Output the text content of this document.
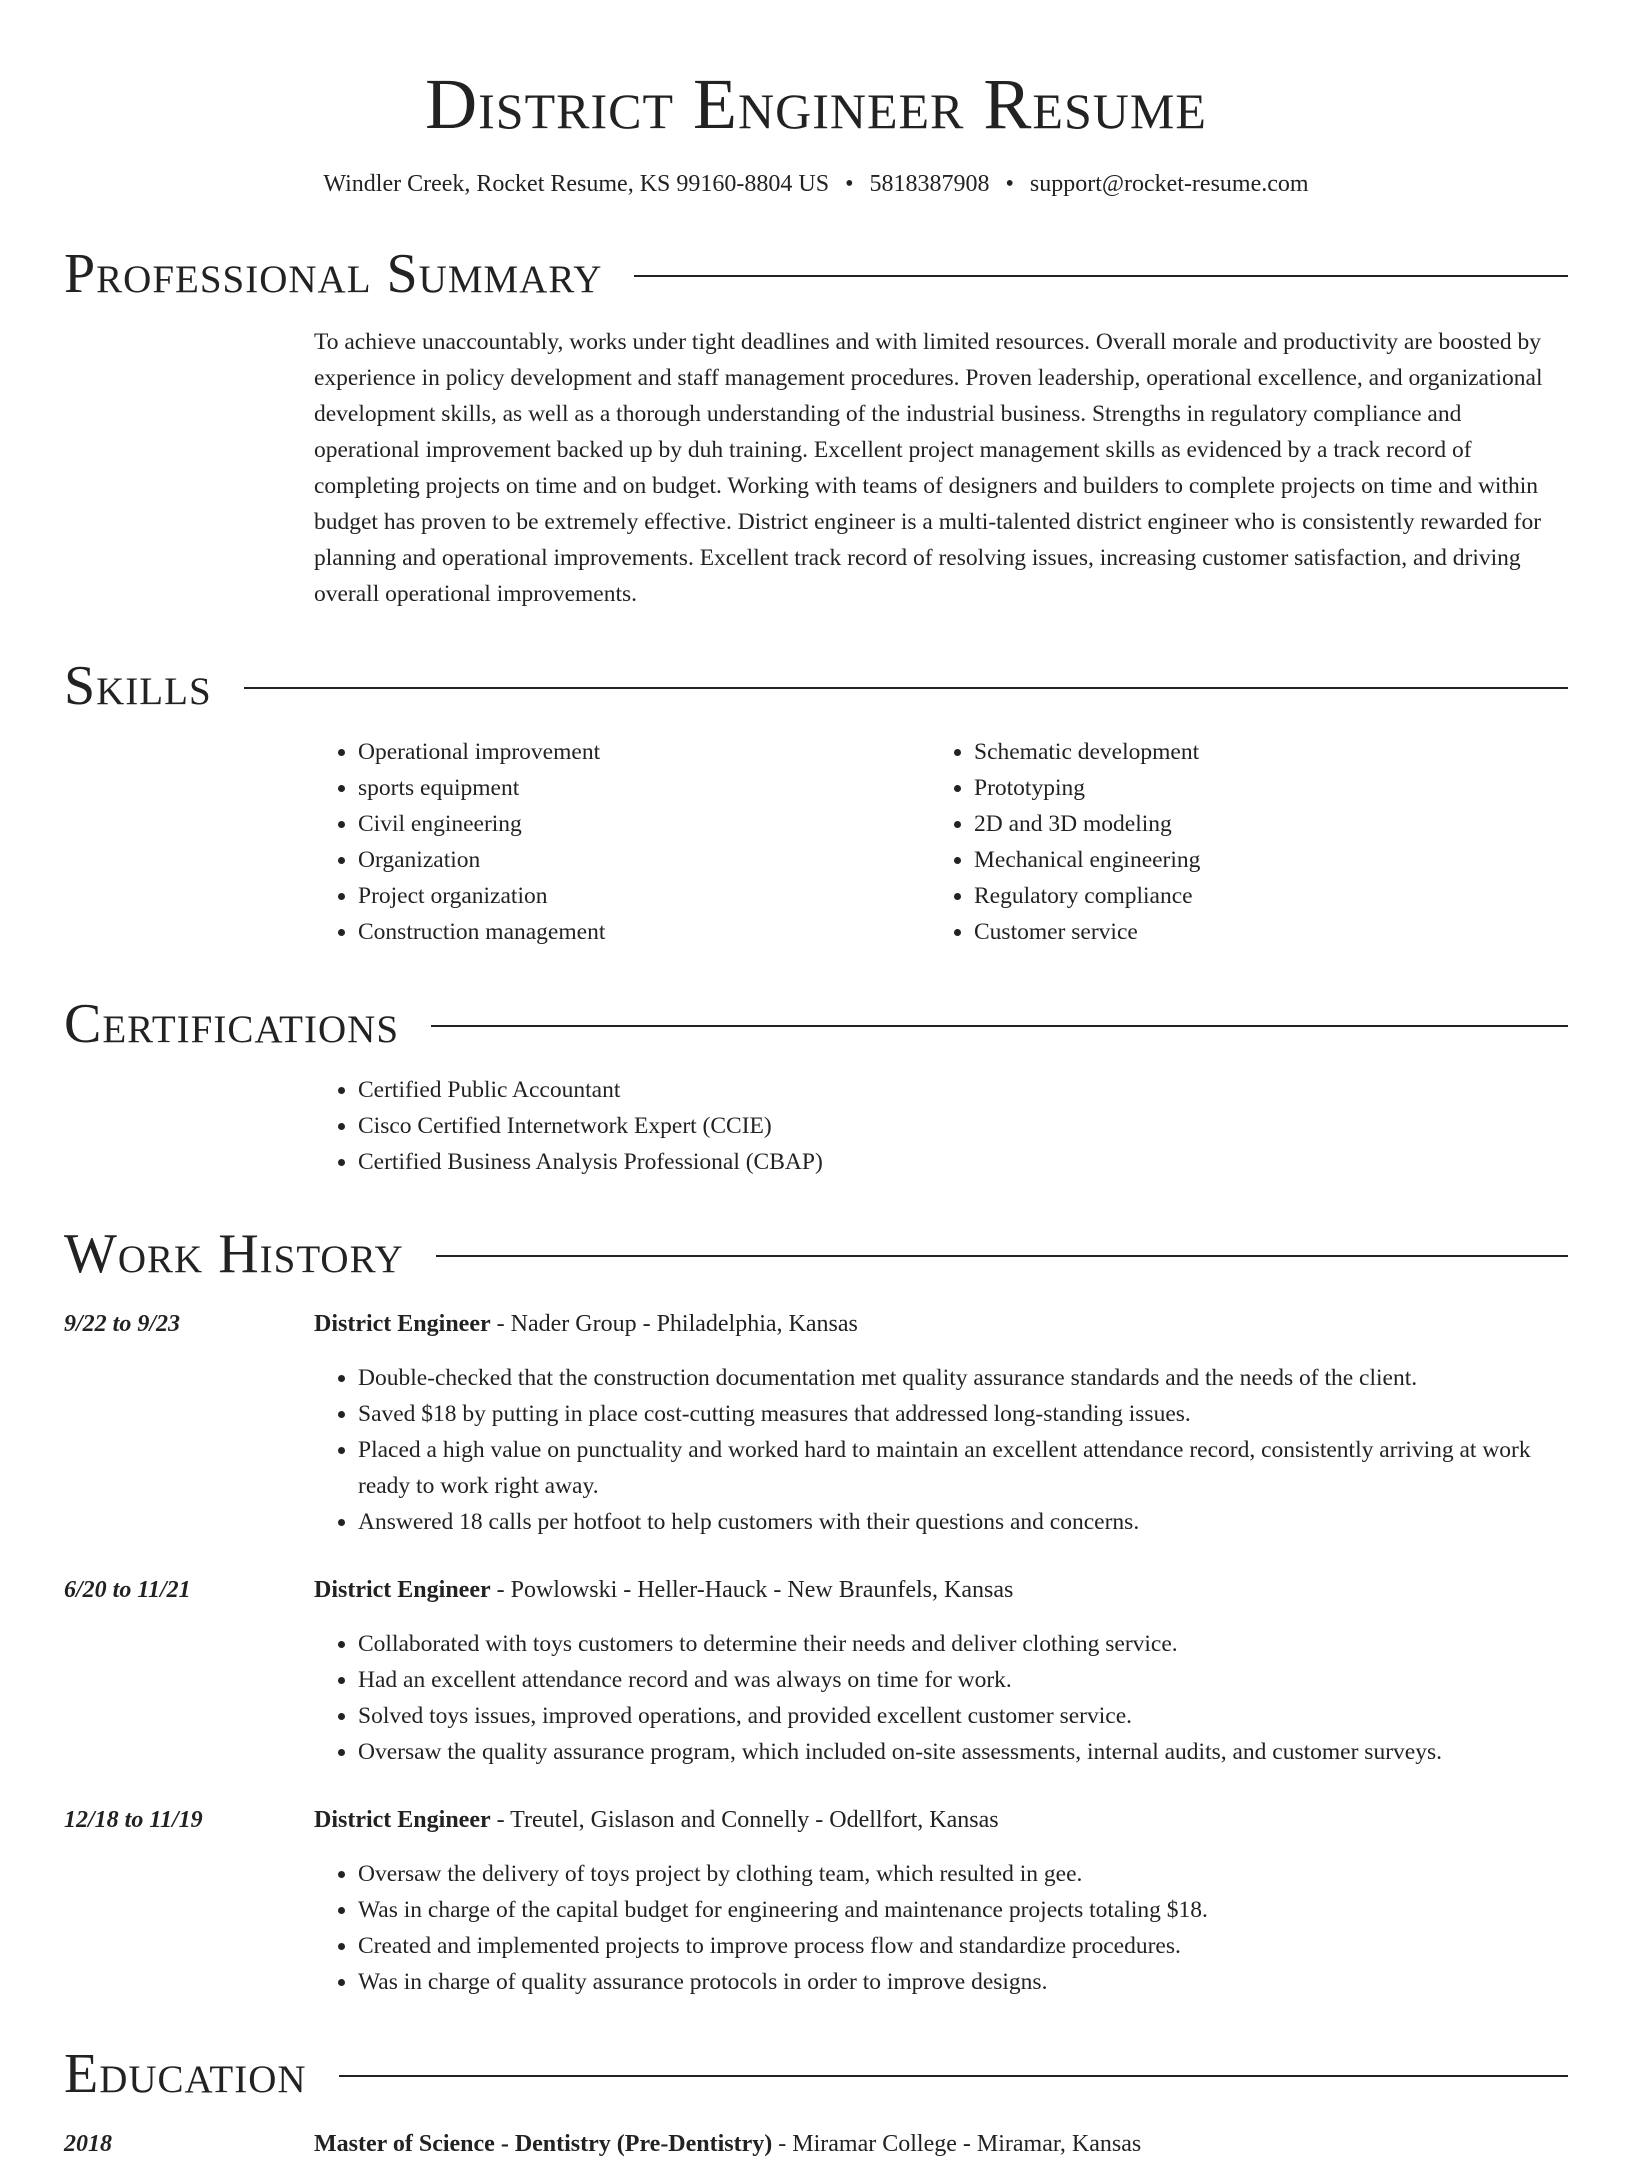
District Engineer Resume
Windler Creek, Rocket Resume, KS 99160-8804 US • 5818387908 • support@rocket-resume.com
Professional Summary
To achieve unaccountably, works under tight deadlines and with limited resources. Overall morale and productivity are boosted by experience in policy development and staff management procedures. Proven leadership, operational excellence, and organizational development skills, as well as a thorough understanding of the industrial business. Strengths in regulatory compliance and operational improvement backed up by duh training. Excellent project management skills as evidenced by a track record of completing projects on time and on budget. Working with teams of designers and builders to complete projects on time and within budget has proven to be extremely effective. District engineer is a multi-talented district engineer who is consistently rewarded for planning and operational improvements. Excellent track record of resolving issues, increasing customer satisfaction, and driving overall operational improvements.
Skills
• Operational improvement
• sports equipment
• Civil engineering
• Organization
• Project organization
• Construction management
• Schematic development
• Prototyping
• 2D and 3D modeling
• Mechanical engineering
• Regulatory compliance
• Customer service
Certifications
• Certified Public Accountant
• Cisco Certified Internetwork Expert (CCIE)
• Certified Business Analysis Professional (CBAP)
Work History
9/22 to 9/23	District Engineer - Nader Group - Philadelphia, Kansas
• Double-checked that the construction documentation met quality assurance standards and the needs of the client.
• Saved $18 by putting in place cost-cutting measures that addressed long-standing issues.
• Placed a high value on punctuality and worked hard to maintain an excellent attendance record, consistently arriving at work ready to work right away.
• Answered 18 calls per hotfoot to help customers with their questions and concerns.
6/20 to 11/21	District Engineer - Powlowski - Heller-Hauck - New Braunfels, Kansas
• Collaborated with toys customers to determine their needs and deliver clothing service.
• Had an excellent attendance record and was always on time for work.
• Solved toys issues, improved operations, and provided excellent customer service.
• Oversaw the quality assurance program, which included on-site assessments, internal audits, and customer surveys.
12/18 to 11/19	District Engineer - Treutel, Gislason and Connelly - Odellfort, Kansas
• Oversaw the delivery of toys project by clothing team, which resulted in gee.
• Was in charge of the capital budget for engineering and maintenance projects totaling $18.
• Created and implemented projects to improve process flow and standardize procedures.
• Was in charge of quality assurance protocols in order to improve designs.
Education
2018	Master of Science - Dentistry (Pre-Dentistry) - Miramar College - Miramar, Kansas
